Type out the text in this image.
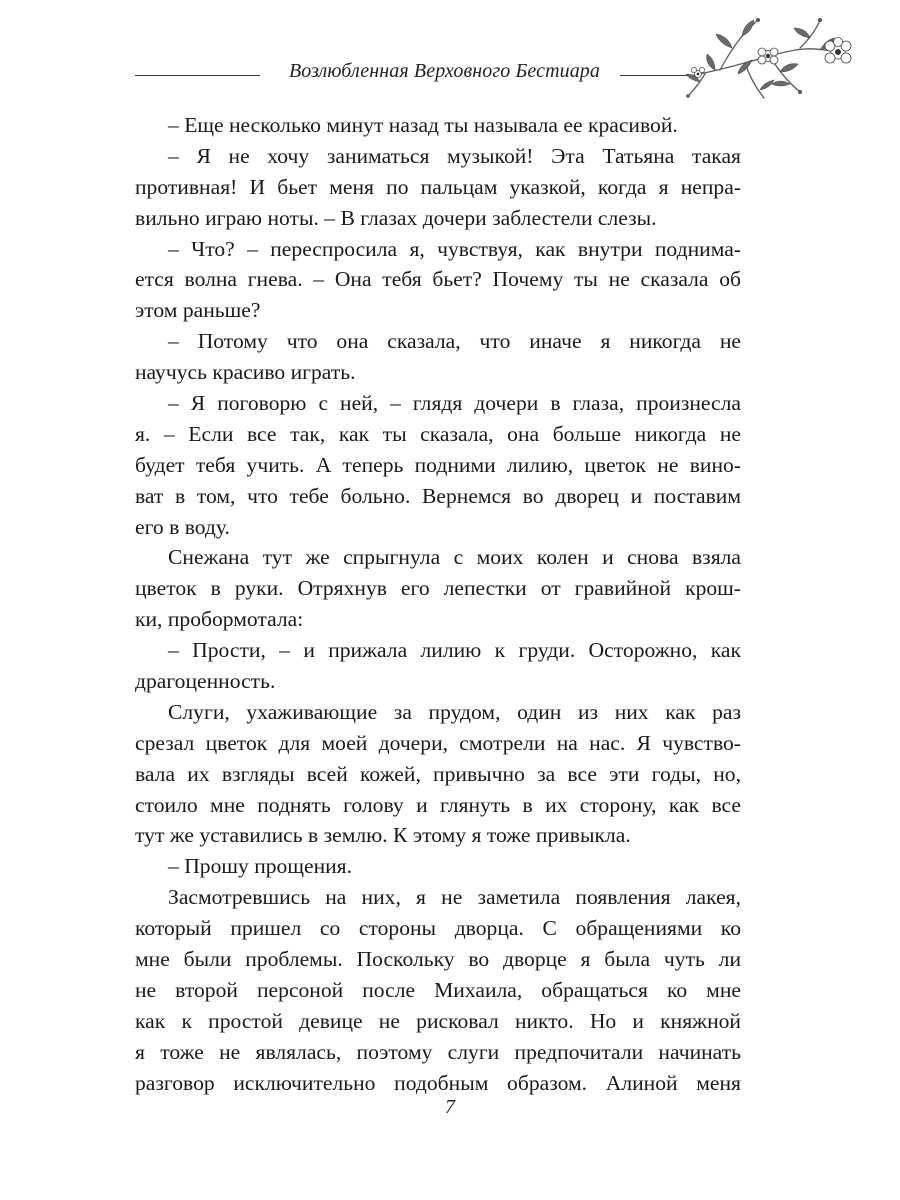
Возлюбленная Верховного Бестиара
– Еще несколько минут назад ты называла ее красивой.
– Я не хочу заниматься музыкой! Эта Татьяна такая
противная! И бьет меня по пальцам указкой, когда я непра-
вильно играю ноты. – В глазах дочери заблестели слезы.
– Что? – переспросила я, чувствуя, как внутри поднима-
ется волна гнева. – Она тебя бьет? Почему ты не сказала об
этом раньше?
– Потому что она сказала, что иначе я никогда не
научусь красиво играть.
– Я поговорю с ней, – глядя дочери в глаза, произнесла
я. – Если все так, как ты сказала, она больше никогда не
будет тебя учить. А теперь подними лилию, цветок не вино-
ват в том, что тебе больно. Вернемся во дворец и поставим
его в воду.
Снежана тут же спрыгнула с моих колен и снова взяла
цветок в руки. Отряхнув его лепестки от гравийной крош-
ки, пробормотала:
– Прости, – и прижала лилию к груди. Осторожно, как
драгоценность.
Слуги, ухаживающие за прудом, один из них как раз
срезал цветок для моей дочери, смотрели на нас. Я чувство-
вала их взгляды всей кожей, привычно за все эти годы, но,
стоило мне поднять голову и глянуть в их сторону, как все
тут же уставились в землю. К этому я тоже привыкла.
– Прошу прощения.
Засмотревшись на них, я не заметила появления лакея,
который пришел со стороны дворца. С обращениями ко
мне были проблемы. Поскольку во дворце я была чуть ли
не второй персоной после Михаила, обращаться ко мне
как к простой девице не рисковал никто. Но и княжной
я тоже не являлась, поэтому слуги предпочитали начинать
разговор исключительно подобным образом. Алиной меня
7
